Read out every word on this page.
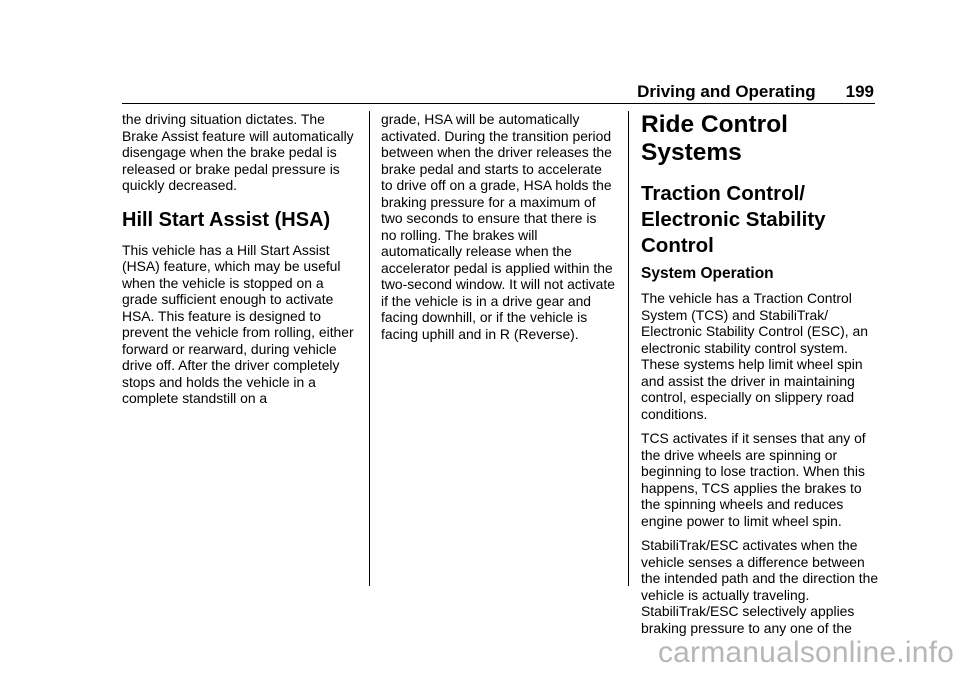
Driving and Operating 199

the driving situation dictates. The Brake Assist feature will automatically disengage when the brake pedal is released or brake pedal pressure is quickly decreased.

Hill Start Assist (HSA)

This vehicle has a Hill Start Assist (HSA) feature, which may be useful when the vehicle is stopped on a grade sufficient enough to activate HSA. This feature is designed to prevent the vehicle from rolling, either forward or rearward, during vehicle drive off. After the driver completely stops and holds the vehicle in a complete standstill on a

grade, HSA will be automatically activated. During the transition period between when the driver releases the brake pedal and starts to accelerate to drive off on a grade, HSA holds the braking pressure for a maximum of two seconds to ensure that there is no rolling. The brakes will automatically release when the accelerator pedal is applied within the two-second window. It will not activate if the vehicle is in a drive gear and facing downhill, or if the vehicle is facing uphill and in R (Reverse).

Ride Control Systems
Traction Control/
Electronic Stability
Control
System Operation

The vehicle has a Traction Control System (TCS) and StabiliTrak/ Electronic Stability Control (ESC), an electronic stability control system. These systems help limit wheel spin and assist the driver in maintaining control, especially on slippery road conditions.

TCS activates if it senses that any of the drive wheels are spinning or beginning to lose traction. When this happens, TCS applies the brakes to the spinning wheels and reduces engine power to limit wheel spin.

StabiliTrak/ESC activates when the vehicle senses a difference between the intended path and the direction the vehicle is actually traveling. StabiliTrak/ESC selectively applies braking pressure to any one of the

carmanualsonline.info
